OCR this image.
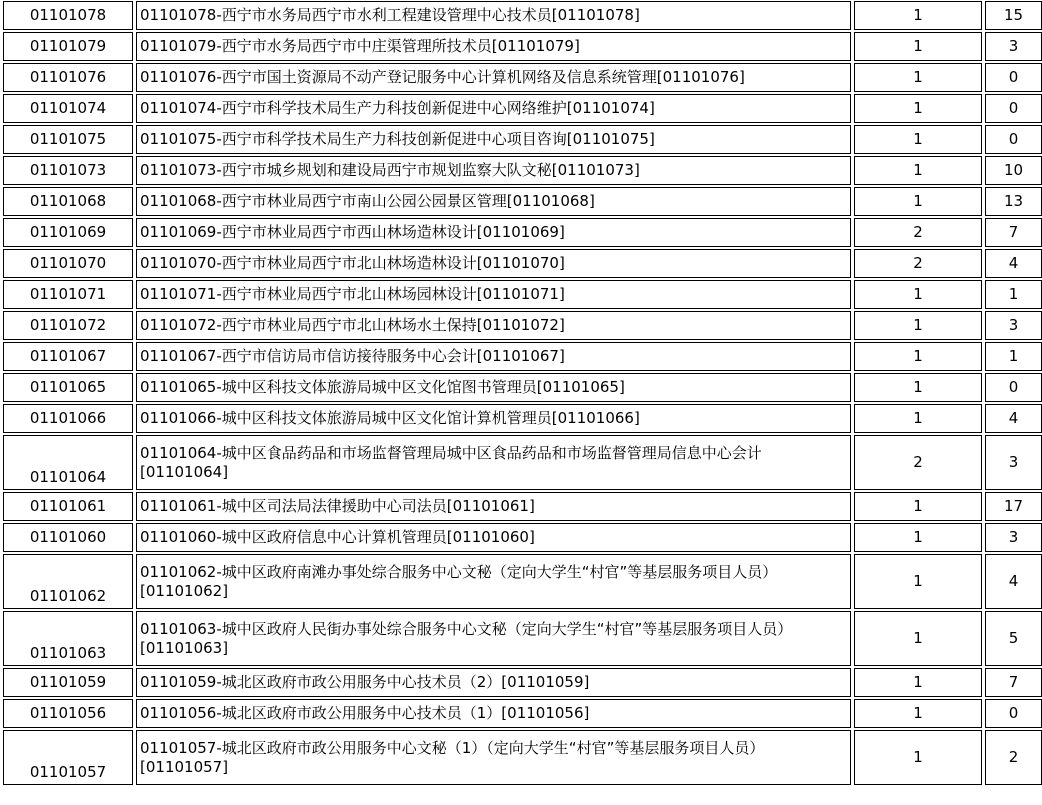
01101078	01101078-西宁市水务局西宁市水利工程建设管理中心技术员[01101078]	1	15
01101079	01101079-西宁市水务局西宁市中庄渠管理所技术员[01101079]	1	3
01101076	01101076-西宁市国土资源局不动产登记服务中心计算机网络及信息系统管理[01101076]	1	0
01101074	01101074-西宁市科学技术局生产力科技创新促进中心网络维护[01101074]	1	0
01101075	01101075-西宁市科学技术局生产力科技创新促进中心项目咨询[01101075]	1	0
01101073	01101073-西宁市城乡规划和建设局西宁市规划监察大队文秘[01101073]	1	10
01101068	01101068-西宁市林业局西宁市南山公园公园景区管理[01101068]	1	13
01101069	01101069-西宁市林业局西宁市西山林场造林设计[01101069]	2	7
01101070	01101070-西宁市林业局西宁市北山林场造林设计[01101070]	2	4
01101071	01101071-西宁市林业局西宁市北山林场园林设计[01101071]	1	1
01101072	01101072-西宁市林业局西宁市北山林场水土保持[01101072]	1	3
01101067	01101067-西宁市信访局市信访接待服务中心会计[01101067]	1	1
01101065	01101065-城中区科技文体旅游局城中区文化馆图书管理员[01101065]	1	0
01101066	01101066-城中区科技文体旅游局城中区文化馆计算机管理员[01101066]	1	4
01101064	01101064-城中区食品药品和市场监督管理局城中区食品药品和市场监督管理局信息中心会计[01101064]	2	3
01101061	01101061-城中区司法局法律援助中心司法员[01101061]	1	17
01101060	01101060-城中区政府信息中心计算机管理员[01101060]	1	3
01101062	01101062-城中区政府南滩办事处综合服务中心文秘（定向大学生“村官”等基层服务项目人员）[01101062]	1	4
01101063	01101063-城中区政府人民街办事处综合服务中心文秘（定向大学生“村官”等基层服务项目人员）[01101063]	1	5
01101059	01101059-城北区政府市政公用服务中心技术员（2）[01101059]	1	7
01101056	01101056-城北区政府市政公用服务中心技术员（1）[01101056]	1	0
01101057	01101057-城北区政府市政公用服务中心文秘（1）（定向大学生“村官”等基层服务项目人员）[01101057]	1	2
